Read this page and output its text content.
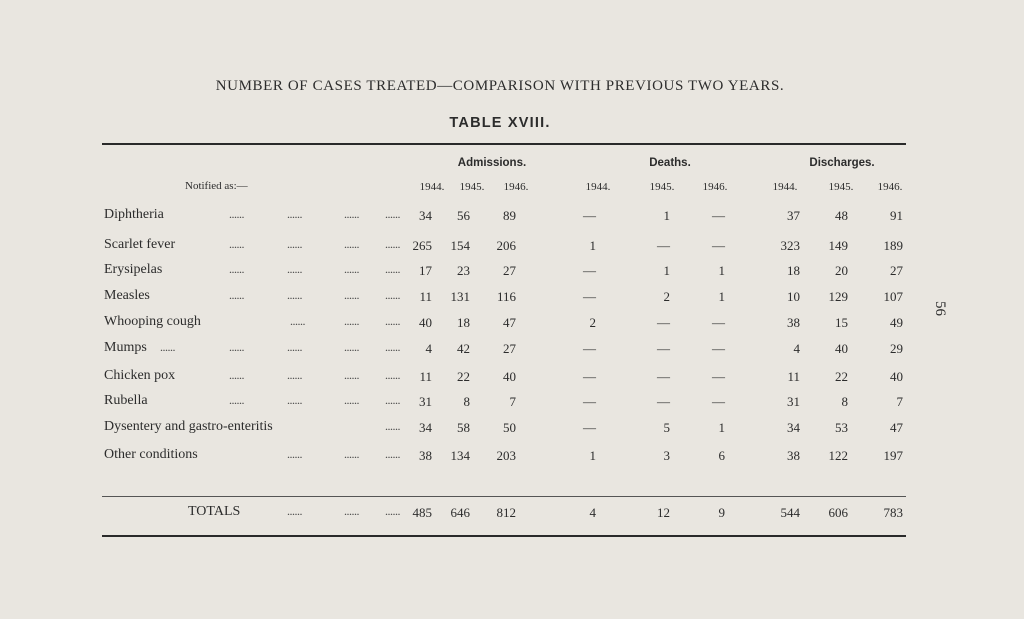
NUMBER OF CASES TREATED—COMPARISON WITH PREVIOUS TWO YEARS.
TABLE XVIII.
Admissions.	Deaths.	Discharges.
Notified as:—	1944.	1945.	1946.	1944.	1945.	1946.	1944.	1945.	1946.
Diphtheria	......	......	...... ......	34	56	89	—	1	—	37	48	91
Scarlet fever	......	......	...... ...... 265	154	206	1	—	—	323	149	189
Erysipelas	......	......	...... ......	17	23	27	—	1	1	18	20	27
Measles	......	......	...... ......	11	131	116	—	2	1	10	129	107
Whooping cough	......	...... ......	40	18	47	2	—	—	38	15	49
Mumps ......	......	......	...... ......	4	42	27	—	—	—	4	40	29
Chicken pox	......	......	...... ......	11	22	40	—	—	—	11	22	40
Rubella	......	......	...... ......	31	8	7	—	—	—	31	8	7
Dysentery and gastro-enteritis	......	34	58	50	—	5	1	34	53	47
Other conditions	......	...... ......	38	134	203	1	3	6	38	122	197
TOTALS	......	...... ...... 485	646	812	4	12	9	544	606	783
56
